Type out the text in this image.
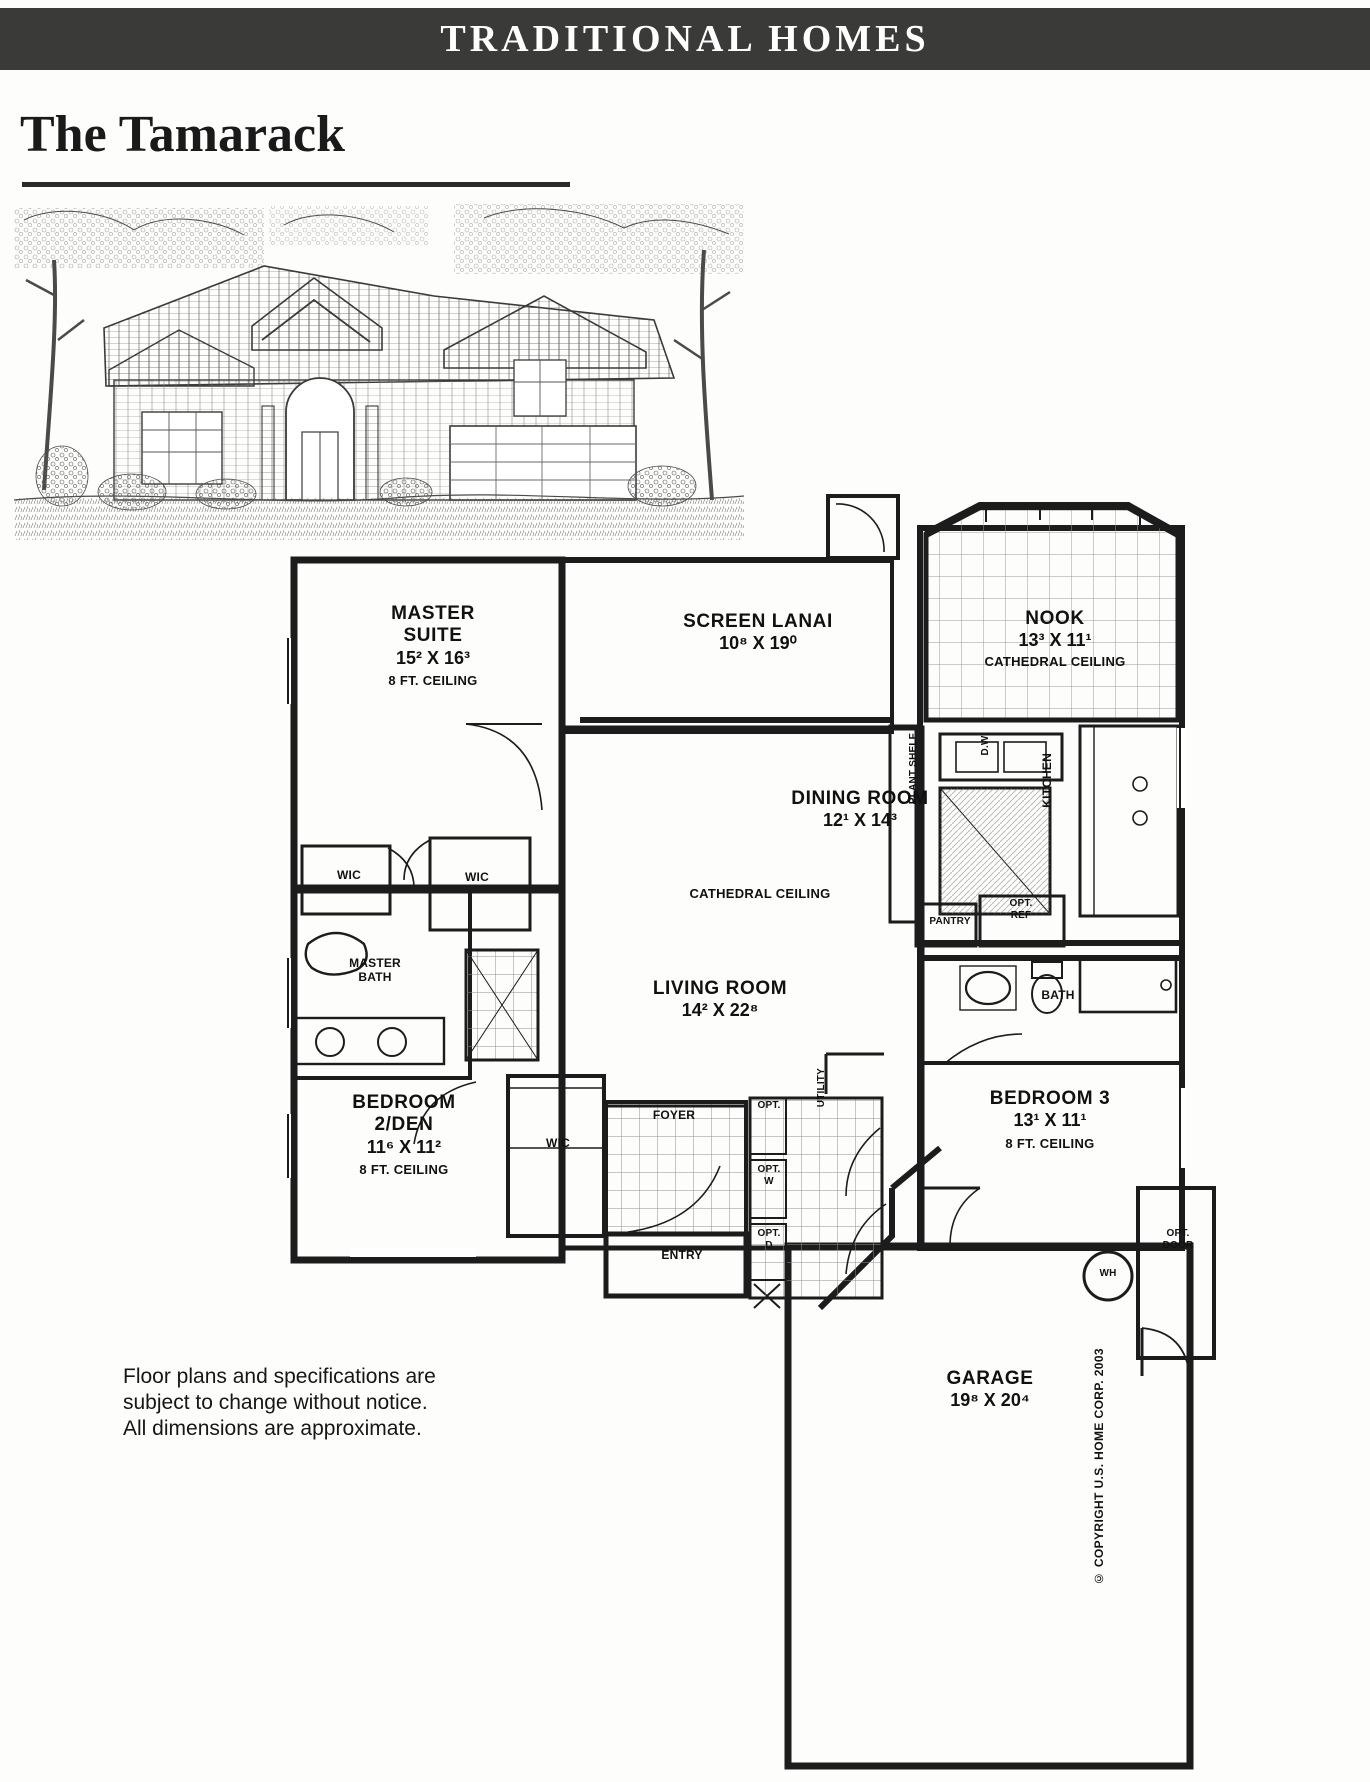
TRADITIONAL HOMES
The Tamarack
Floor plans and specifications are subject to change without notice. All dimensions are approximate.
MASTER
SUITE
15² X 16³
8 FT. CEILING
SCREEN LANAI
10⁸ X 19⁰
NOOK
13³ X 11¹
CATHEDRAL CEILING
DINING ROOM
12¹ X 14³
CATHEDRAL CEILING
LIVING ROOM
14² X 22⁸
KITCHEN
PLANT SHELF	D.W.
PANTRY
OPT.
REF
BATH
MASTER
BATH
WIC	WIC
WIC
BEDROOM
2/DEN
11⁶ X 11²
8 FT. CEILING
FOYER
ENTRY
UTILITY
OPT.
OPT.
W
OPT.
D
BEDROOM 3
13¹ X 11¹
8 FT. CEILING
GARAGE
19⁸ X 20⁴
WH
OPT.
DOOR
© COPYRIGHT U.S. HOME CORP. 2003
